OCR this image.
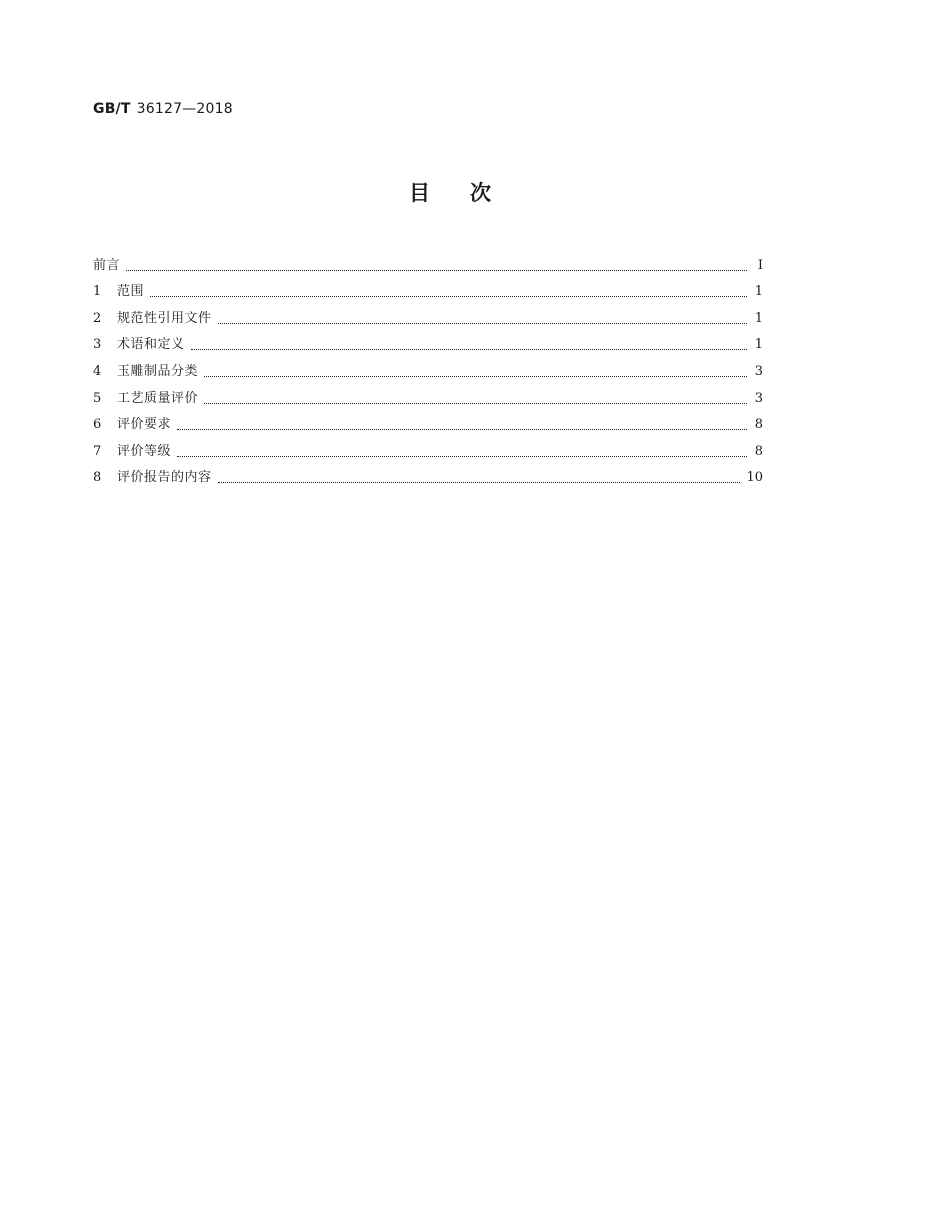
GB/T 36127—2018
目次
前言	Ⅰ
1	范围	1
2	规范性引用文件	1
3	术语和定义	1
4	玉雕制品分类	3
5	工艺质量评价	3
6	评价要求	8
7	评价等级	8
8	评价报告的内容	10
